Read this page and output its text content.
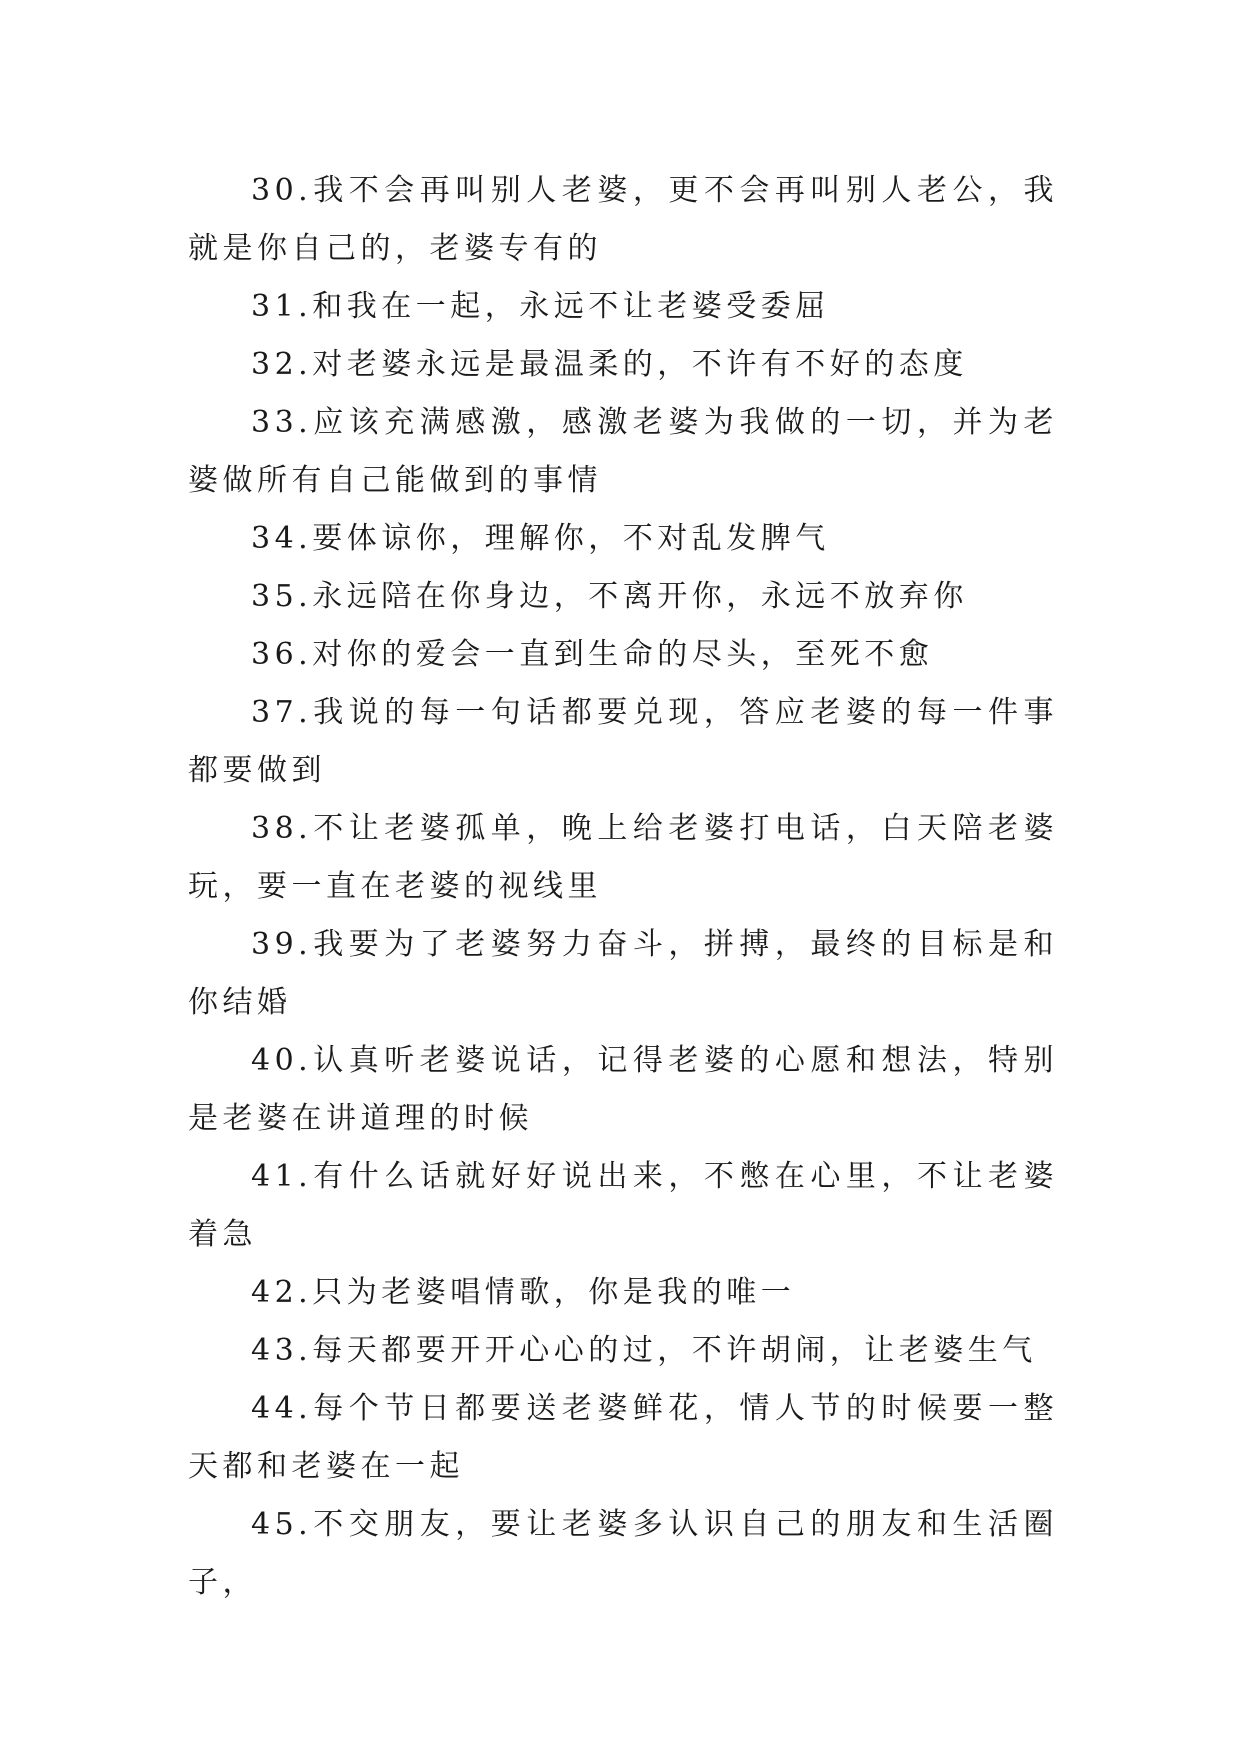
30.我不会再叫别人老婆，更不会再叫别人老公，我就是你自己的，老婆专有的

31.和我在一起，永远不让老婆受委屈

32.对老婆永远是最温柔的，不许有不好的态度

33.应该充满感激，感激老婆为我做的一切，并为老婆做所有自己能做到的事情

34.要体谅你，理解你，不对乱发脾气

35.永远陪在你身边，不离开你，永远不放弃你

36.对你的爱会一直到生命的尽头，至死不愈

37.我说的每一句话都要兑现，答应老婆的每一件事都要做到

38.不让老婆孤单，晚上给老婆打电话，白天陪老婆玩，要一直在老婆的视线里

39.我要为了老婆努力奋斗，拼搏，最终的目标是和你结婚

40.认真听老婆说话，记得老婆的心愿和想法，特别是老婆在讲道理的时候

41.有什么话就好好说出来，不憋在心里，不让老婆着急

42.只为老婆唱情歌，你是我的唯一

43.每天都要开开心心的过，不许胡闹，让老婆生气

44.每个节日都要送老婆鲜花，情人节的时候要一整天都和老婆在一起

45.不交朋友，要让老婆多认识自己的朋友和生活圈子，
